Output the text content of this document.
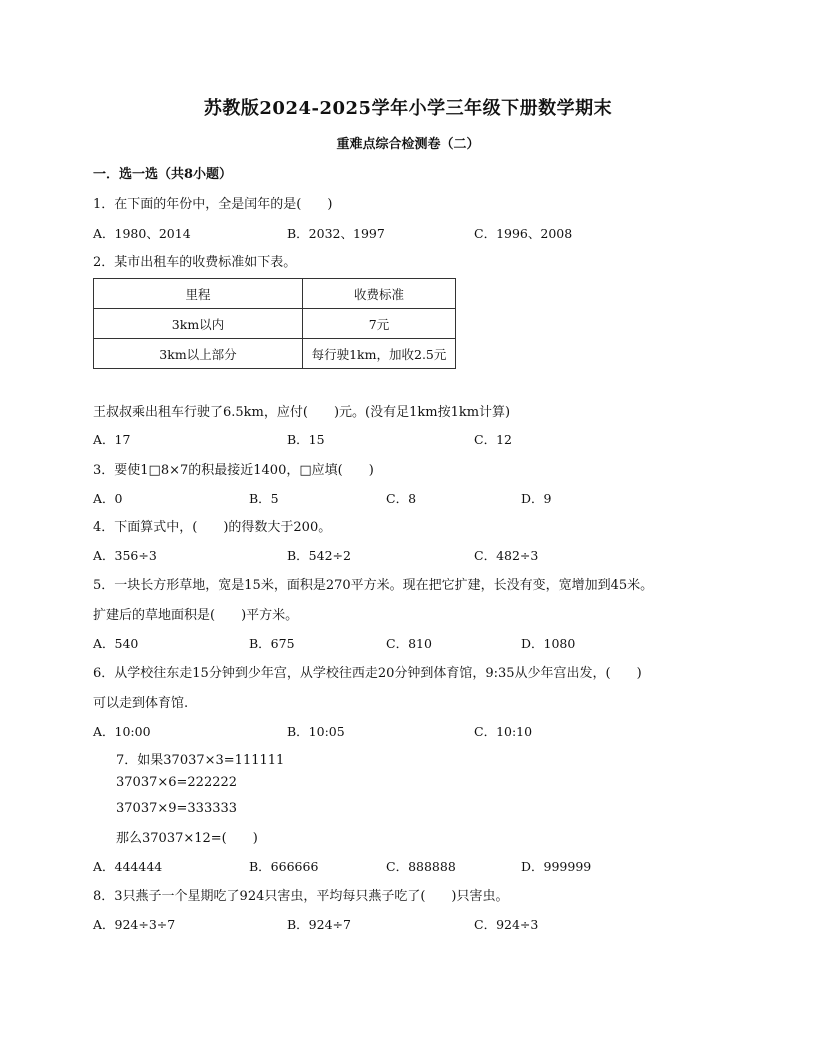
苏教版2024-2025学年小学三年级下册数学期末
重难点综合检测卷（二）
一．选一选（共8小题）
1．在下面的年份中，全是闰年的是(　　)
A．1980、2014	B．2032、1997	C．1996、2008
2．某市出租车的收费标准如下表。
里程	收费标准
3km以内	7元
3km以上部分	每行驶1km，加收2.5元
王叔叔乘出租车行驶了6.5km，应付(　　)元。(没有足1km按1km计算)
A．17	B．15	C．12
3．要使1□8×7的积最接近1400，□应填(　　)
A．0	B．5	C．8	D．9
4．下面算式中，(　　)的得数大于200。
A．356÷3	B．542÷2	C．482÷3
5．一块长方形草地，宽是15米，面积是270平方米。现在把它扩建，长没有变，宽增加到45米。
扩建后的草地面积是(　　)平方米。
A．540	B．675	C．810	D．1080
6．从学校往东走15分钟到少年宫，从学校往西走20分钟到体育馆，9:35从少年宫出发，(　　)
可以走到体育馆.
A．10:00	B．10:05	C．10:10
7．如果37037×3=111111
37037×6=222222
37037×9=333333
那么37037×12=(　　)
A．444444	B．666666	C．888888	D．999999
8．3只燕子一个星期吃了924只害虫，平均每只燕子吃了(　　)只害虫。
A．924÷3÷7	B．924÷7	C．924÷3
